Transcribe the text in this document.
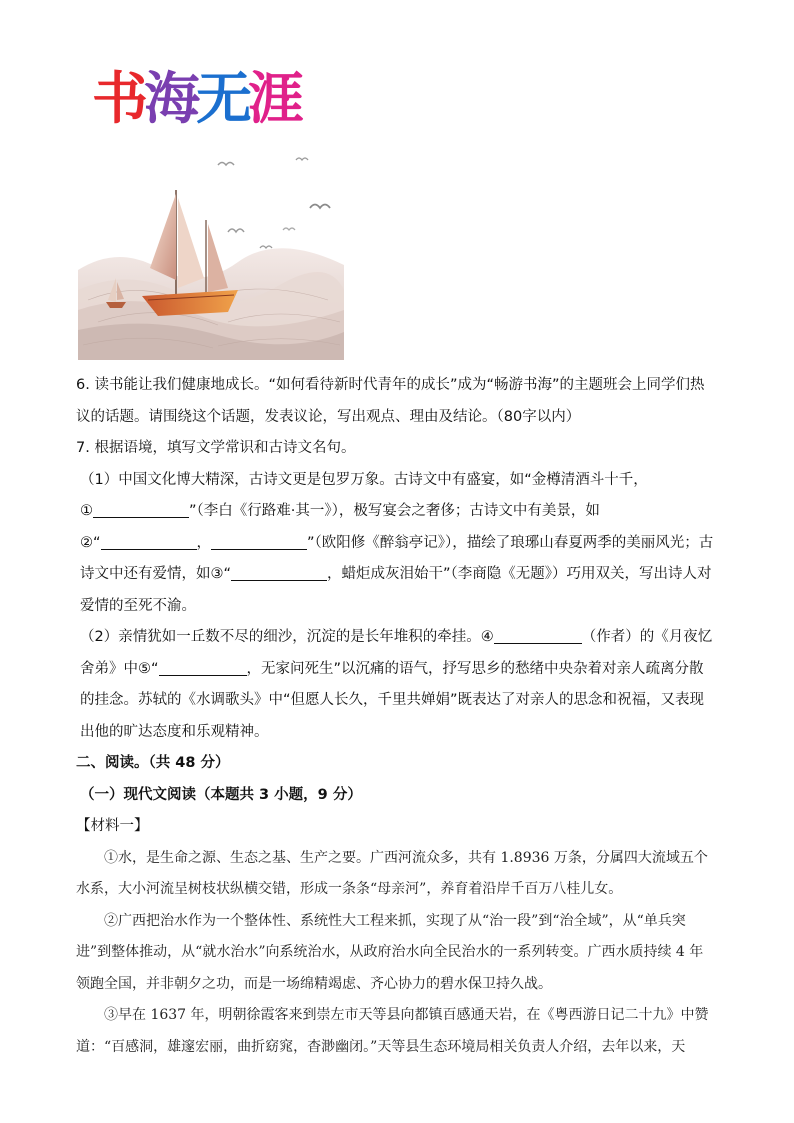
书海无涯

6. 读书能让我们健康地成长。“如何看待新时代青年的成长”成为“畅游书海”的主题班会上同学们热议的话题。请围绕这个话题，发表议论，写出观点、理由及结论。（80字以内）

7. 根据语境，填写文学常识和古诗文名句。

（1）中国文化博大精深，古诗文更是包罗万象。古诗文中有盛宴，如“金樽清酒斗十千，
①	”（李白《行路难·其一》），极写宴会之奢侈；古诗文中有美景，如
②“	，	”（欧阳修《醉翁亭记》），描绘了琅琊山春夏两季的美丽风光；古诗文中还有爱情，如③“	，蜡炬成灰泪始干”（李商隐《无题》）巧用双关，写出诗人对爱情的至死不渝。

（2）亲情犹如一丘数不尽的细沙，沉淀的是长年堆积的牵挂。④	（作者）的《月夜忆舍弟》中⑤“	，无家问死生”以沉痛的语气，抒写思乡的愁绪中央杂着对亲人疏离分散的挂念。苏轼的《水调歌头》中“但愿人长久，千里共婵娟”既表达了对亲人的思念和祝福，又表现出他的旷达态度和乐观精神。

二、阅读。（共 48 分）

（一）现代文阅读（本题共 3 小题，9 分）

【材料一】

①水，是生命之源、生态之基、生产之要。广西河流众多，共有 1.8936 万条，分属四大流域五个水系，大小河流呈树枝状纵横交错，形成一条条“母亲河”，养育着沿岸千百万八桂儿女。

②广西把治水作为一个整体性、系统性大工程来抓，实现了从“治一段”到“治全域”，从“单兵突进”到整体推动，从“就水治水”向系统治水，从政府治水向全民治水的一系列转变。广西水质持续 4 年领跑全国，并非朝夕之功，而是一场绵精竭虑、齐心协力的碧水保卫持久战。

③早在 1637 年，明朝徐霞客来到崇左市天等县向都镇百感通天岩，在《粤西游日记二十九》中赞道：“百感洞，雄邃宏丽，曲折窈窕，杳渺幽闭。”天等县生态环境局相关负责人介绍，去年以来，天
